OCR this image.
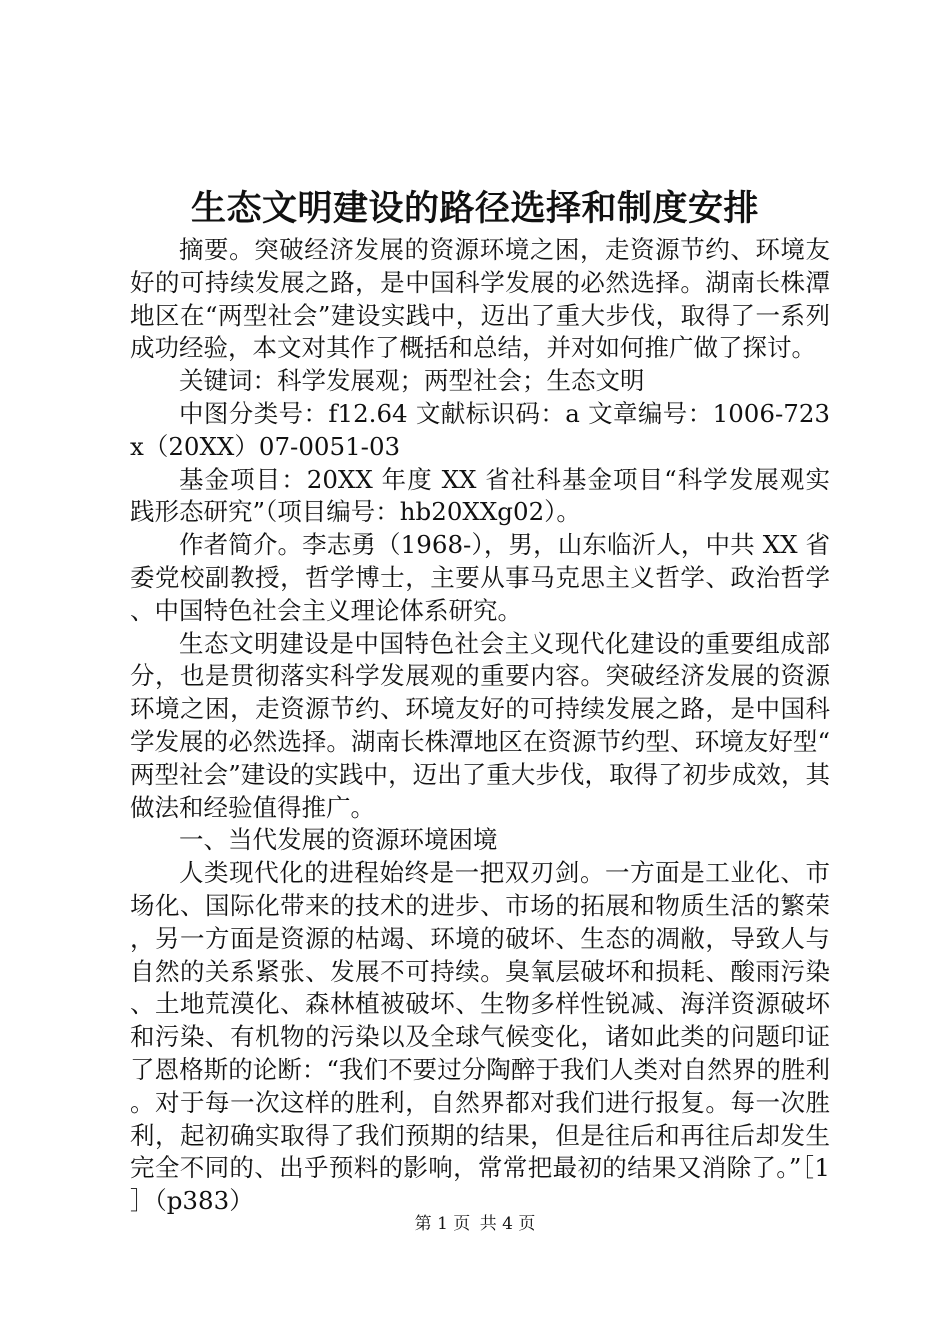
生态文明建设的路径选择和制度安排

摘要。突破经济发展的资源环境之困，走资源节约、环境友好的可持续发展之路，是中国科学发展的必然选择。湖南长株潭地区在“两型社会”建设实践中，迈出了重大步伐，取得了一系列成功经验，本文对其作了概括和总结，并对如何推广做了探讨。

关键词：科学发展观；两型社会；生态文明

中图分类号：f12.64 文献标识码：a 文章编号：1006-723x（20XX）07-0051-03

基金项目：20XX 年度 XX 省社科基金项目“科学发展观实践形态研究”（项目编号：hb20XXg02）。

作者简介。李志勇（1968-），男，山东临沂人，中共 XX 省委党校副教授，哲学博士，主要从事马克思主义哲学、政治哲学、中国特色社会主义理论体系研究。

生态文明建设是中国特色社会主义现代化建设的重要组成部分，也是贯彻落实科学发展观的重要内容。突破经济发展的资源环境之困，走资源节约、环境友好的可持续发展之路，是中国科学发展的必然选择。湖南长株潭地区在资源节约型、环境友好型“两型社会”建设的实践中，迈出了重大步伐，取得了初步成效，其做法和经验值得推广。

一、当代发展的资源环境困境

人类现代化的进程始终是一把双刃剑。一方面是工业化、市场化、国际化带来的技术的进步、市场的拓展和物质生活的繁荣，另一方面是资源的枯竭、环境的破坏、生态的凋敝，导致人与自然的关系紧张、发展不可持续。臭氧层破坏和损耗、酸雨污染、土地荒漠化、森林植被破坏、生物多样性锐减、海洋资源破坏和污染、有机物的污染以及全球气候变化，诸如此类的问题印证了恩格斯的论断：“我们不要过分陶醉于我们人类对自然界的胜利。对于每一次这样的胜利，自然界都对我们进行报复。每一次胜利，起初确实取得了我们预期的结果，但是往后和再往后却发生完全不同的、出乎预料的影响，常常把最初的结果又消除了。”［1］（p383）

第 1 页 共 4 页
